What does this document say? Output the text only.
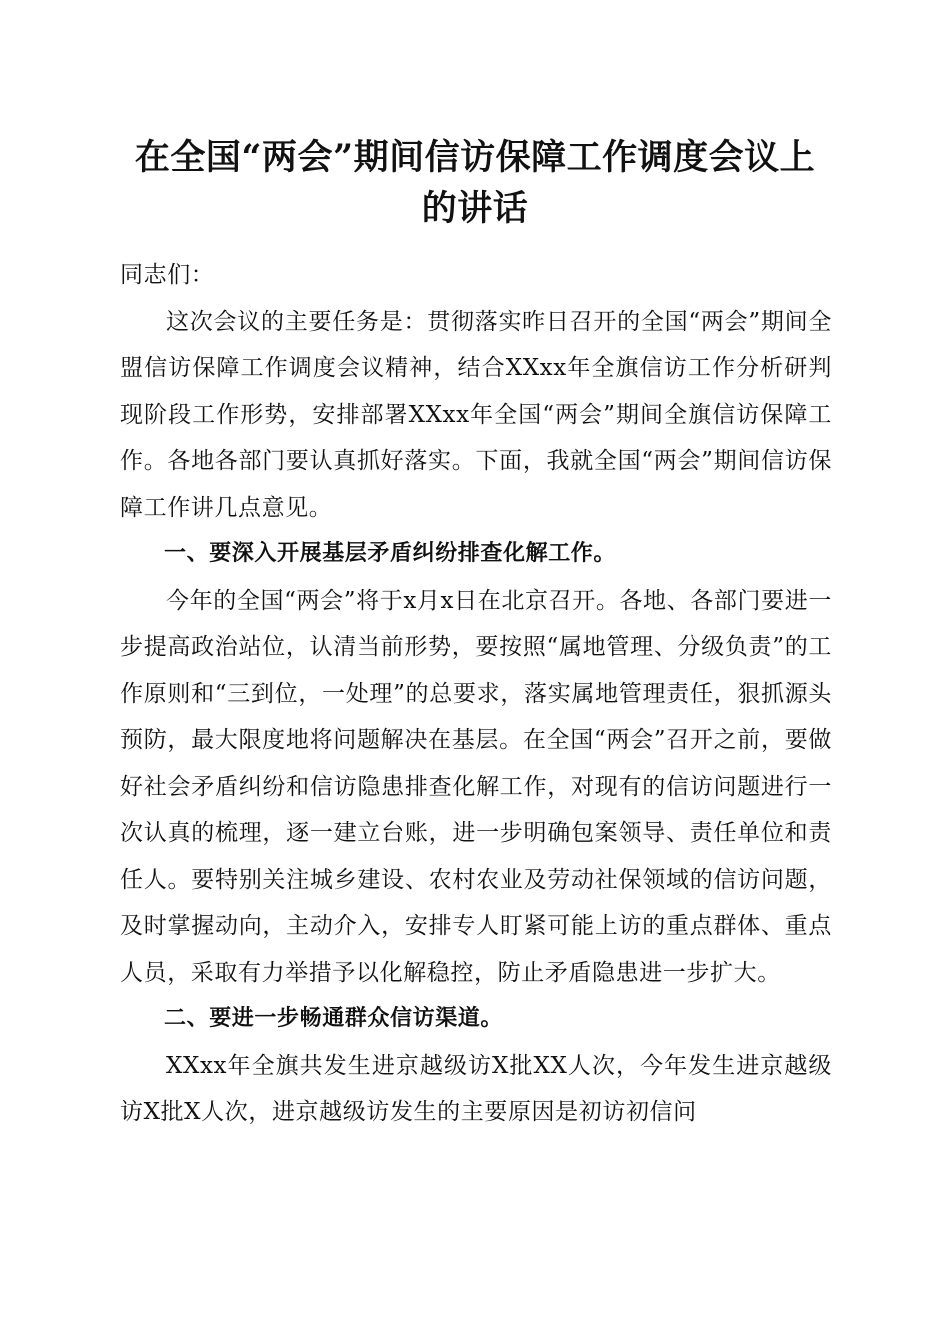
在全国“两会”期间信访保障工作调度会议上
的讲话

同志们：

这次会议的主要任务是：贯彻落实昨日召开的全国“两会”期间全盟信访保障工作调度会议精神，结合XXxx年全旗信访工作分析研判现阶段工作形势，安排部署XXxx年全国“两会”期间全旗信访保障工作。各地各部门要认真抓好落实。下面，我就全国“两会”期间信访保障工作讲几点意见。

一、要深入开展基层矛盾纠纷排查化解工作。

今年的全国“两会”将于x月x日在北京召开。各地、各部门要进一步提高政治站位，认清当前形势，要按照“属地管理、分级负责”的工作原则和“三到位，一处理”的总要求，落实属地管理责任，狠抓源头预防，最大限度地将问题解决在基层。在全国“两会”召开之前，要做好社会矛盾纠纷和信访隐患排查化解工作，对现有的信访问题进行一次认真的梳理，逐一建立台账，进一步明确包案领导、责任单位和责任人。要特别关注城乡建设、农村农业及劳动社保领域的信访问题，及时掌握动向，主动介入，安排专人盯紧可能上访的重点群体、重点人员，采取有力举措予以化解稳控，防止矛盾隐患进一步扩大。

二、要进一步畅通群众信访渠道。

XXxx年全旗共发生进京越级访X批XX人次，今年发生进京越级访X批X人次，进京越级访发生的主要原因是初访初信问
